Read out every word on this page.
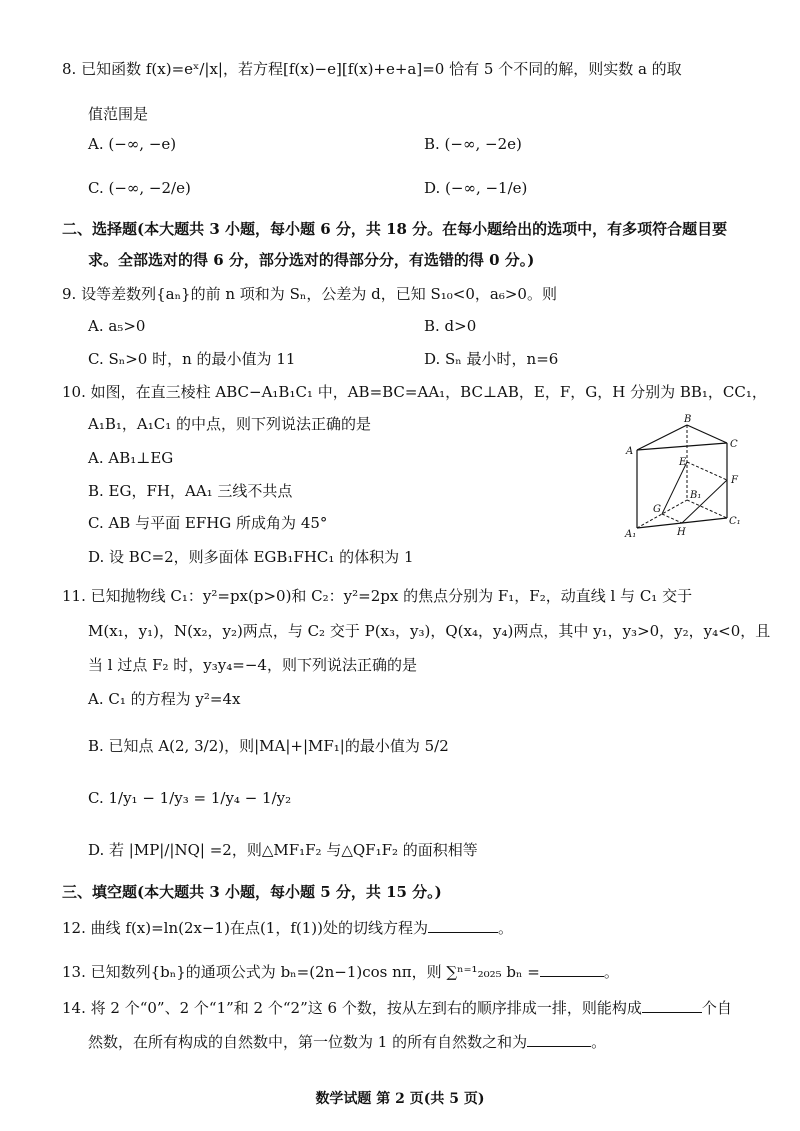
8. 已知函数 f(x)=eˣ/|x|，若方程[f(x)−e][f(x)+e+a]=0 恰有 5 个不同的解，则实数 a 的取
值范围是
A. (−∞, −e)	B. (−∞, −2e)
C. (−∞, −2/e)	D. (−∞, −1/e)
二、选择题(本大题共 3 小题，每小题 6 分，共 18 分。在每小题给出的选项中，有多项符合题目要
求。全部选对的得 6 分，部分选对的得部分分，有选错的得 0 分。)
9. 设等差数列{aₙ}的前 n 项和为 Sₙ，公差为 d，已知 S₁₀<0，a₆>0。则
A. a₅>0	B. d>0
C. Sₙ>0 时，n 的最小值为 11	D. Sₙ 最小时，n=6
10. 如图，在直三棱柱 ABC−A₁B₁C₁ 中，AB=BC=AA₁，BC⊥AB，E，F，G，H 分别为 BB₁，CC₁，
A₁B₁，A₁C₁ 的中点，则下列说法正确的是
A. AB₁⊥EG
B. EG，FH，AA₁ 三线不共点
C. AB 与平面 EFHG 所成角为 45°
D. 设 BC=2，则多面体 EGB₁FHC₁ 的体积为 1
B
A
C
E
F
B₁
G
A₁	H
C₁
11. 已知抛物线 C₁：y²=px(p>0)和 C₂：y²=2px 的焦点分别为 F₁，F₂，动直线 l 与 C₁ 交于
M(x₁，y₁)，N(x₂，y₂)两点，与 C₂ 交于 P(x₃，y₃)，Q(x₄，y₄)两点，其中 y₁，y₃>0，y₂，y₄<0，且
当 l 过点 F₂ 时，y₃y₄=−4，则下列说法正确的是
A. C₁ 的方程为 y²=4x
B. 已知点 A(2, 3/2)，则|MA|+|MF₁|的最小值为 5/2
C. 1/y₁ − 1/y₃ = 1/y₄ − 1/y₂
D. 若 |MP|/|NQ| =2，则△MF₁F₂ 与△QF₁F₂ 的面积相等
三、填空题(本大题共 3 小题，每小题 5 分，共 15 分。)
12. 曲线 f(x)=ln(2x−1)在点(1，f(1))处的切线方程为	。
13. 已知数列{bₙ}的通项公式为 bₙ=(2n−1)cos nπ，则 ∑ⁿ⁼¹₂₀₂₅ bₙ =	。
14. 将 2 个“0”、2 个“1”和 2 个“2”这 6 个数，按从左到右的顺序排成一排，则能构成	个自
然数，在所有构成的自然数中，第一位数为 1 的所有自然数之和为	。
数学试题 第 2 页(共 5 页)
